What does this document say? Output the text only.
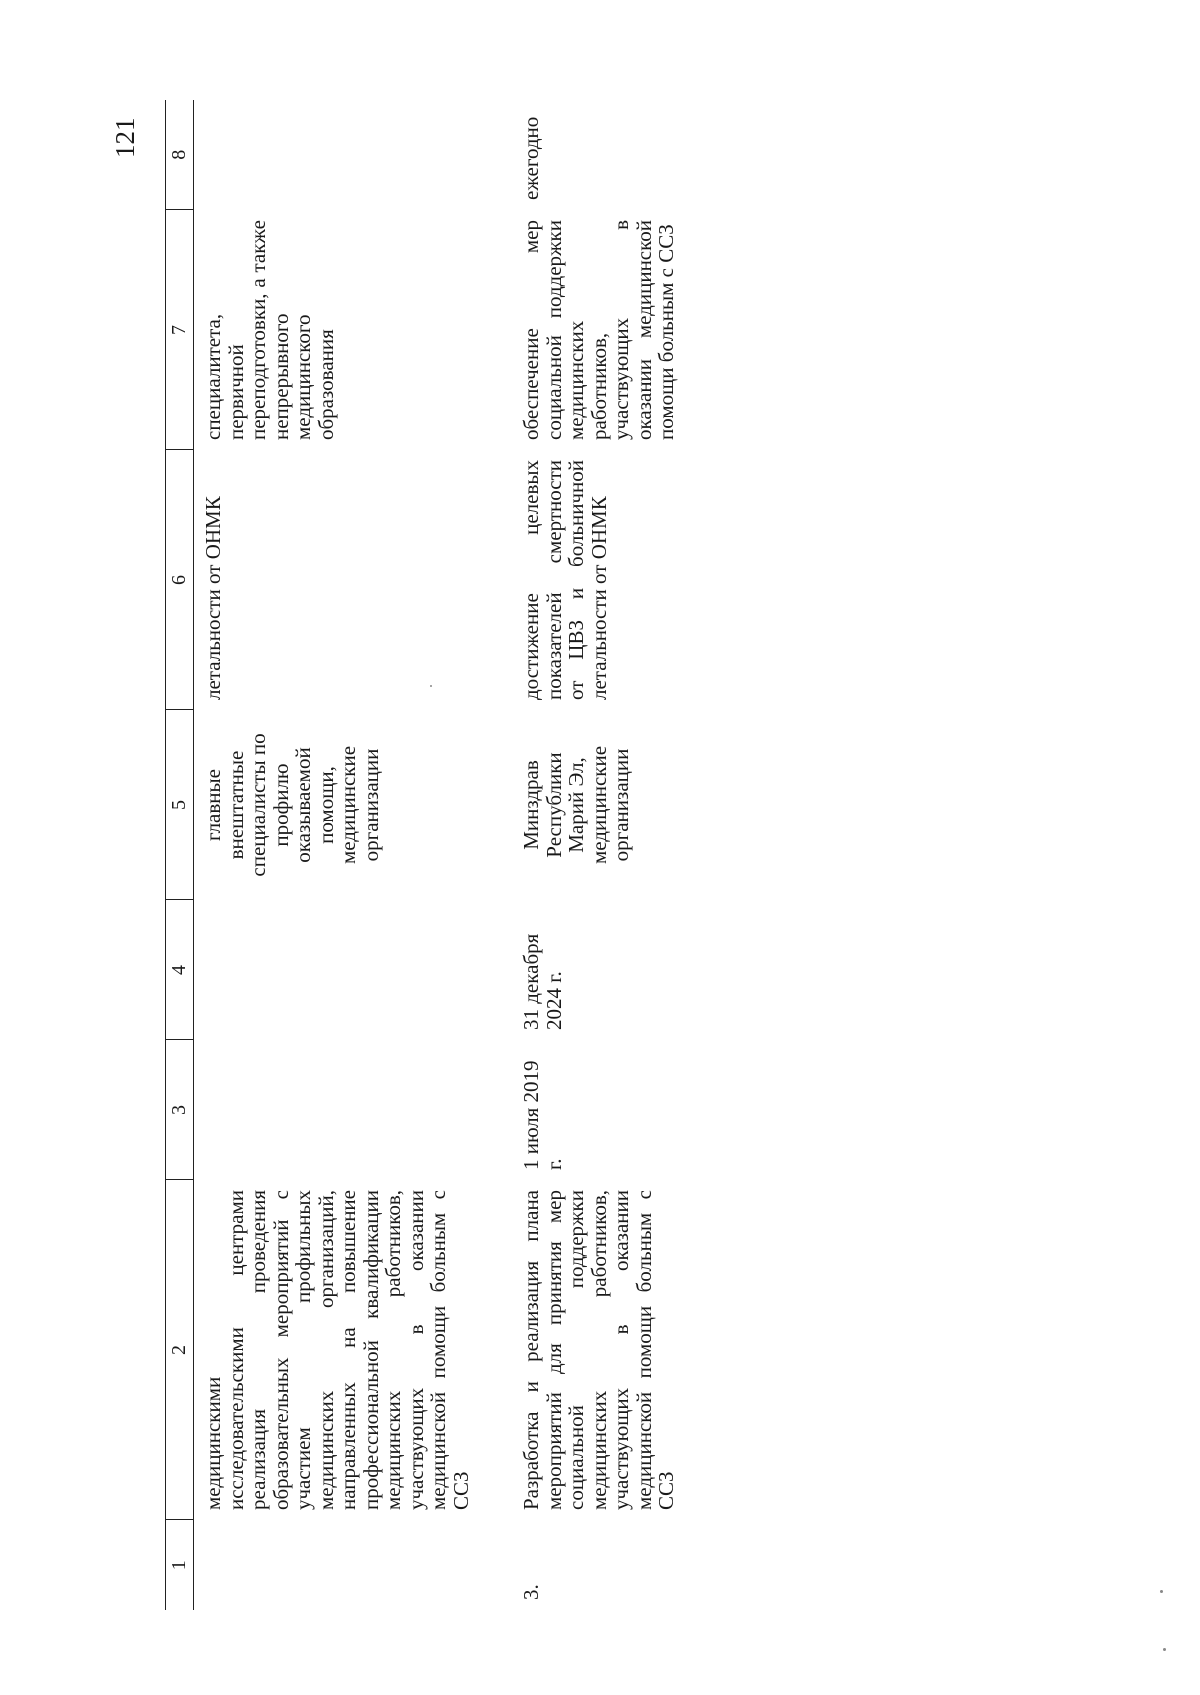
121
1	2	3	4	5	6	7	8
	медицинскими исследовательскими центрами реализация проведения образовательных мероприятий с участием профильных медицинских организаций, направленных на повышение профессиональной квалификации медицинских работников, участвующих в оказании медицинской помощи больным с ССЗ			главные внештатные специалисты по профилю оказываемой помощи, медицинские организации	летальности от ОНМК	специалитета, первичной переподготовки, а также непрерывного медицинского образования	
3.	Разработка и реализация плана мероприятий для принятия мер социальной поддержки медицинских работников, участвующих в оказании медицинской помощи больным с ССЗ	1 июля 2019 г.	31 декабря 2024 г.	Минздрав Республики Марий Эл, медицинские организации	достижение целевых показателей смертности от ЦВЗ и больничной летальности от ОНМК	обеспечение мер социальной поддержки медицинских работников, участвующих в оказании медицинской помощи больным с ССЗ	ежегодно
